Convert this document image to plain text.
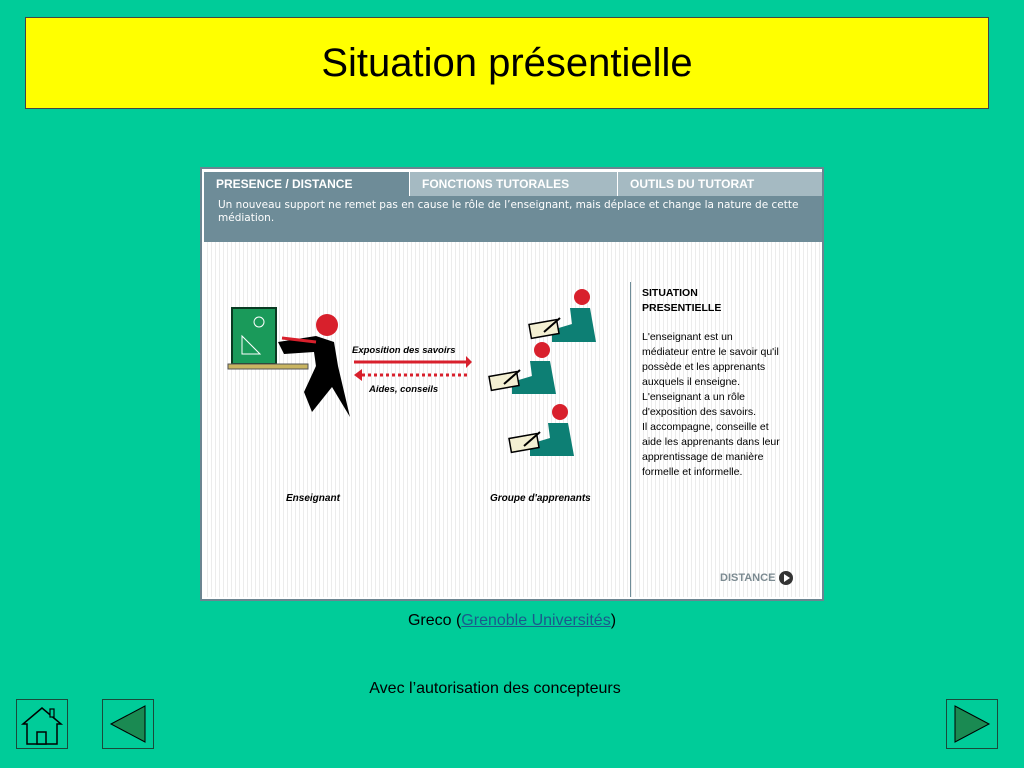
Situation présentielle
PRESENCE / DISTANCE	FONCTIONS TUTORALES	OUTILS DU TUTORAT
Un nouveau support ne remet pas en cause le rôle de l’enseignant, mais déplace et change la nature de cette médiation.
Exposition des savoirs
Aides, conseils
Enseignant	Groupe d'apprenants
SITUATION
PRESENTIELLE
L'enseignant est un
médiateur entre le savoir qu'il
possède et les apprenants
auxquels il enseigne.
L'enseignant a un rôle
d'exposition des savoirs.
Il accompagne, conseille et
aide les apprenants dans leur
apprentissage de manière
formelle et informelle.
DISTANCE
Greco (Grenoble Universités)
Avec l’autorisation des concepteurs
